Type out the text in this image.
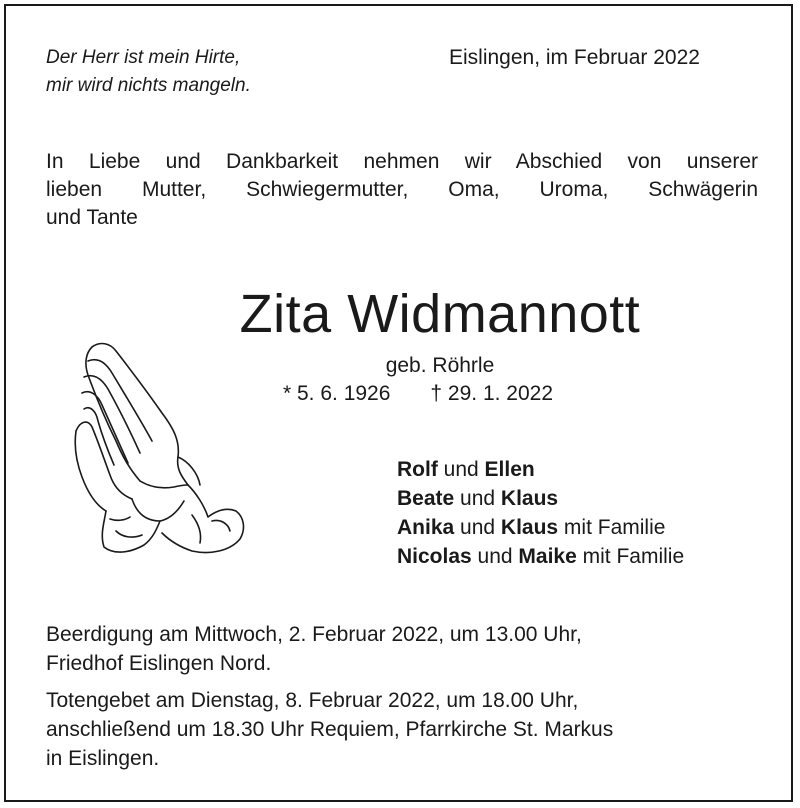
Der Herr ist mein Hirte,
mir wird nichts mangeln.
Eislingen, im Februar 2022
In Liebe und Dankbarkeit nehmen wir Abschied von unserer
lieben Mutter, Schwiegermutter, Oma, Uroma, Schwägerin
und Tante
Zita Widmannott
geb. Röhrle
* 5. 6. 1926 † 29. 1. 2022
Rolf und Ellen
Beate und Klaus
Anika und Klaus mit Familie
Nicolas und Maike mit Familie
Beerdigung am Mittwoch, 2. Februar 2022, um 13.00 Uhr,
Friedhof Eislingen Nord.
Totengebet am Dienstag, 8. Februar 2022, um 18.00 Uhr,
anschließend um 18.30 Uhr Requiem, Pfarrkirche St. Markus
in Eislingen.
